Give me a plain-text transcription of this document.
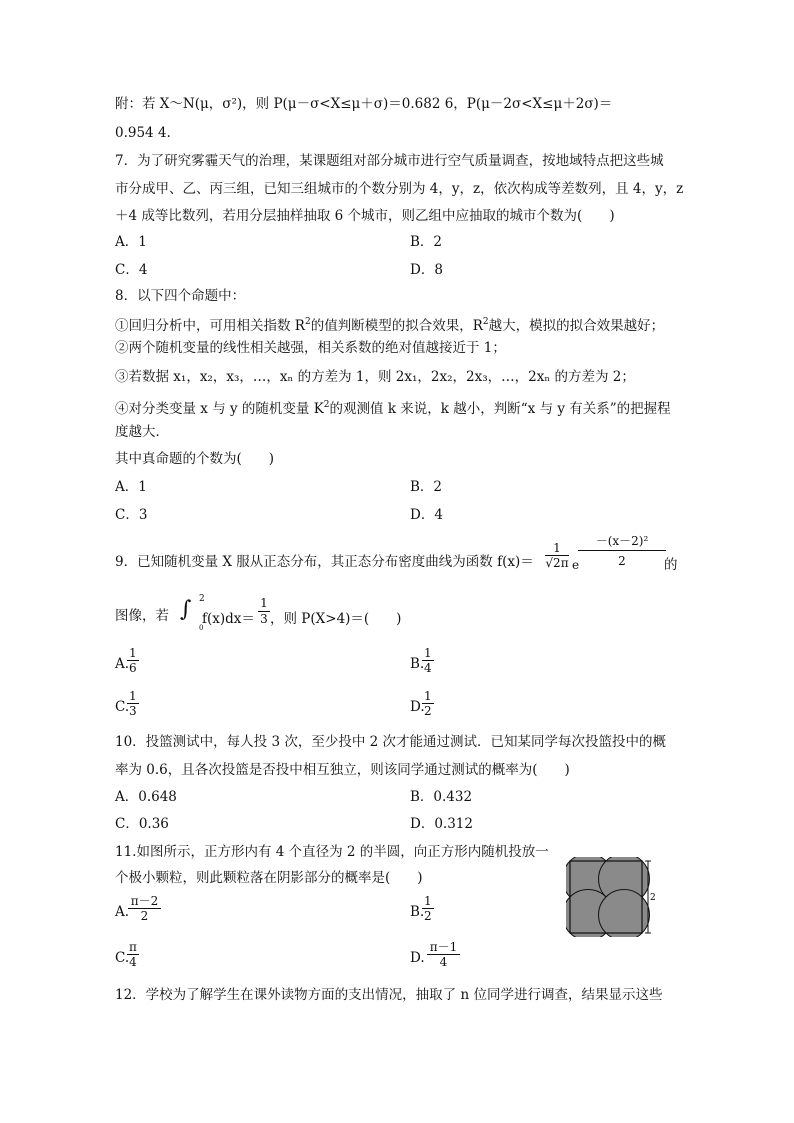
附：若 X～N(μ，σ²)，则 P(μ－σ<X≤μ＋σ)＝0.682 6，P(μ－2σ<X≤μ＋2σ)＝
0.954 4.
7．为了研究雾霾天气的治理，某课题组对部分城市进行空气质量调查，按地域特点把这些城
市分成甲、乙、丙三组，已知三组城市的个数分别为 4，y，z，依次构成等差数列，且 4，y，z
＋4 成等比数列，若用分层抽样抽取 6 个城市，则乙组中应抽取的城市个数为(　　)
A．1	B．2
C．4	D．8
8．以下四个命题中：
①回归分析中，可用相关指数 $R^2$的值判断模型的拟合效果，$R^2$越大，模拟的拟合效果越好；
②两个随机变量的线性相关越强，相关系数的绝对值越接近于 1；
③若数据 x₁，x₂，x₃，…，xₙ 的方差为 1，则 2x₁，2x₂，2x₃，…，2xₙ 的方差为 2；
④对分类变量 x 与 y 的随机变量 $K^2$的观测值 k 来说，k 越小，判断“x 与 y 有关系”的把握程
度越大．
其中真命题的个数为(　　)
A．1	B．2
C．3	D．4
9．已知随机变量 X 服从正态分布，其正态分布密度曲线为函数 f(x)＝
1
√2π e
$\frac{\text{－(x－2)²}}{2}$
的
图像，若 ∫ 2
0
$f(x)dx= \frac{1}{3}$ ，则 P(X>4)＝(　　)
A.
$\frac{1}{6}$	B.
$\frac{1}{4}$
C.
$\frac{1}{3}$	D.
$\frac{1}{2}$
10．投篮测试中，每人投 3 次，至少投中 2 次才能通过测试．已知某同学每次投篮投中的概
率为 0.6，且各次投篮是否投中相互独立，则该同学通过测试的概率为(　　)
A．0.648	B．0.432
C．0.36	D．0.312
11.如图所示，正方形内有 4 个直径为 2 的半圆，向正方形内随机投放一
个极小颗粒，则此颗粒落在阴影部分的概率是(　　)
2
A.
$\frac{\pi-2}{2}$	B.
$\frac{1}{2}$
C.
$\frac{\pi}{4}$	D. $\frac{\pi-1}{4}$
12．学校为了解学生在课外读物方面的支出情况，抽取了 n 位同学进行调查，结果显示这些
